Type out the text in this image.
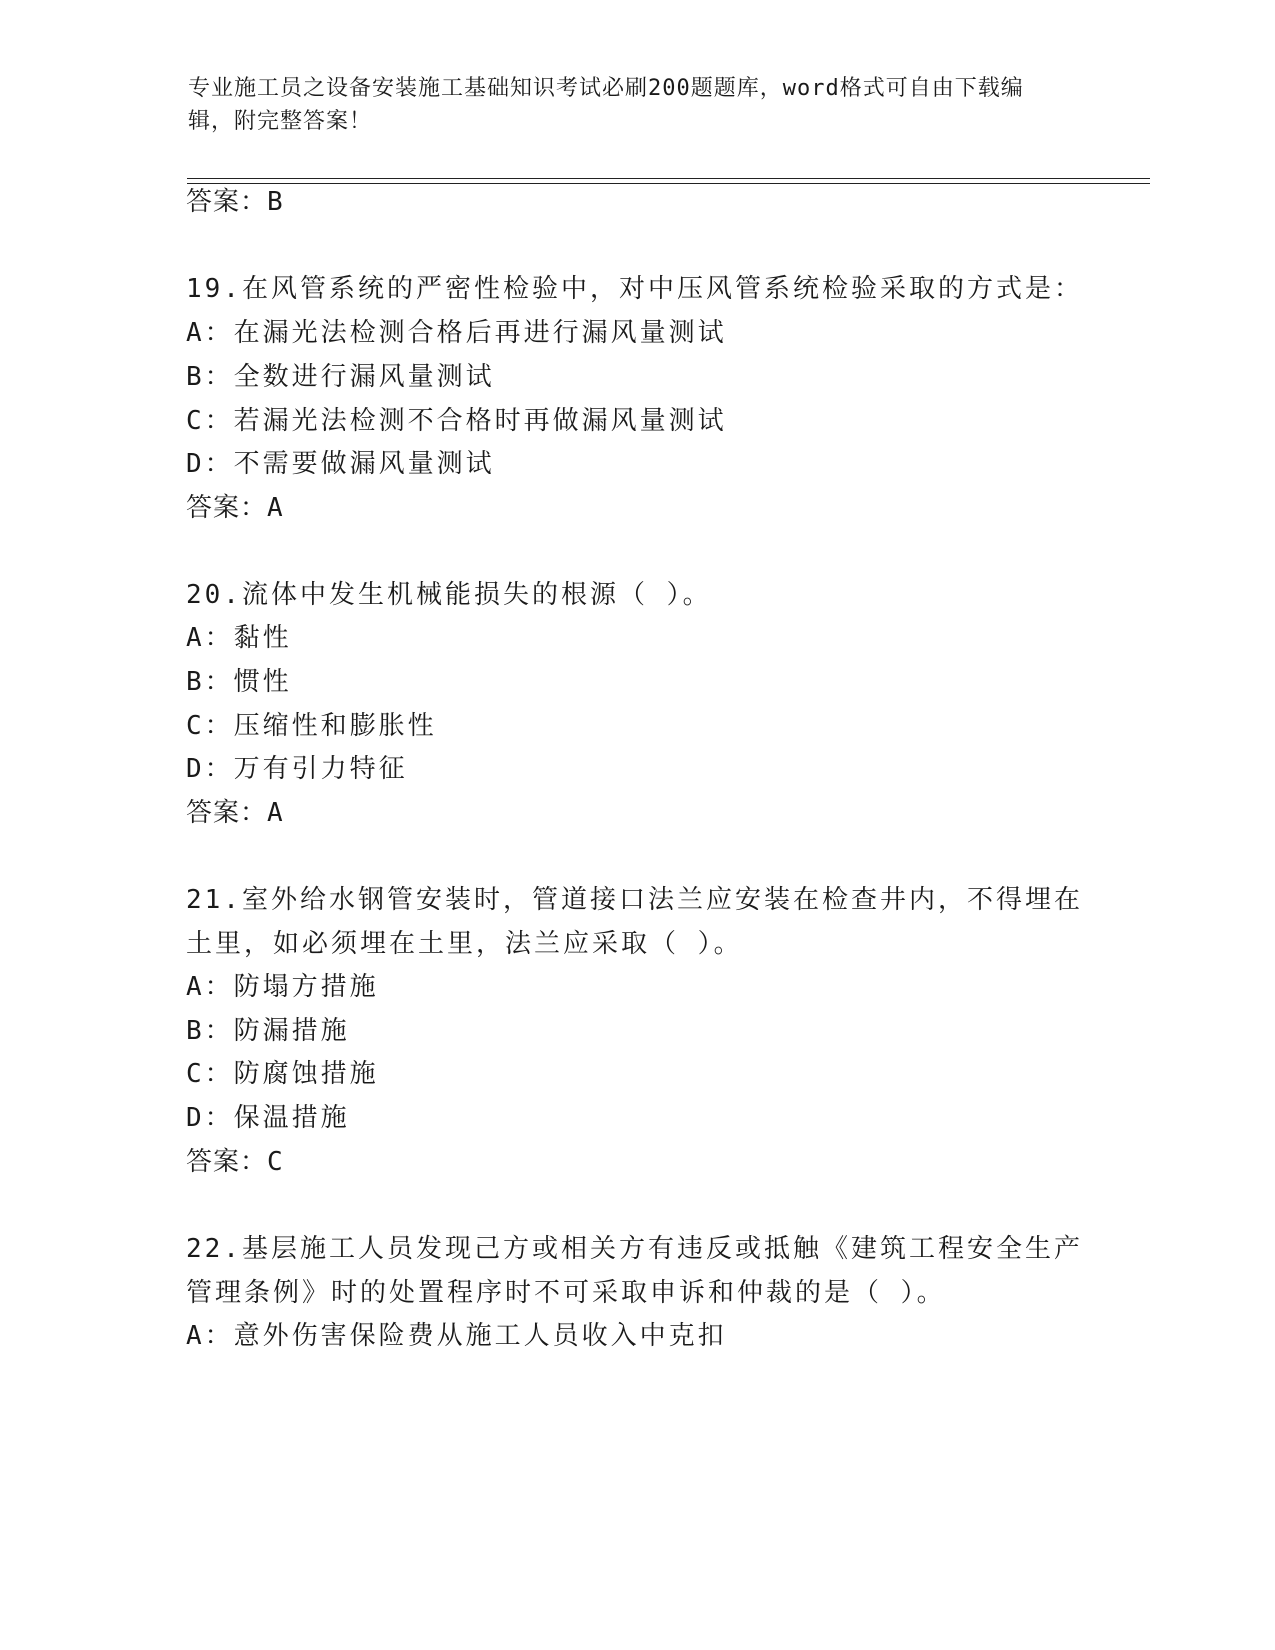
专业施工员之设备安装施工基础知识考试必刷200题题库，word格式可自由下载编辑，附完整答案！
答案：B
19.在风管系统的严密性检验中，对中压风管系统检验采取的方式是：
A：在漏光法检测合格后再进行漏风量测试
B：全数进行漏风量测试
C：若漏光法检测不合格时再做漏风量测试
D：不需要做漏风量测试
答案：A
20.流体中发生机械能损失的根源（ ）。
A：黏性
B：惯性
C：压缩性和膨胀性
D：万有引力特征
答案：A
21.室外给水钢管安装时，管道接口法兰应安装在检查井内，不得埋在
土里，如必须埋在土里，法兰应采取（ ）。
A：防塌方措施
B：防漏措施
C：防腐蚀措施
D：保温措施
答案：C
22.基层施工人员发现己方或相关方有违反或抵触《建筑工程安全生产
管理条例》时的处置程序时不可采取申诉和仲裁的是（ ）。
A：意外伤害保险费从施工人员收入中克扣
